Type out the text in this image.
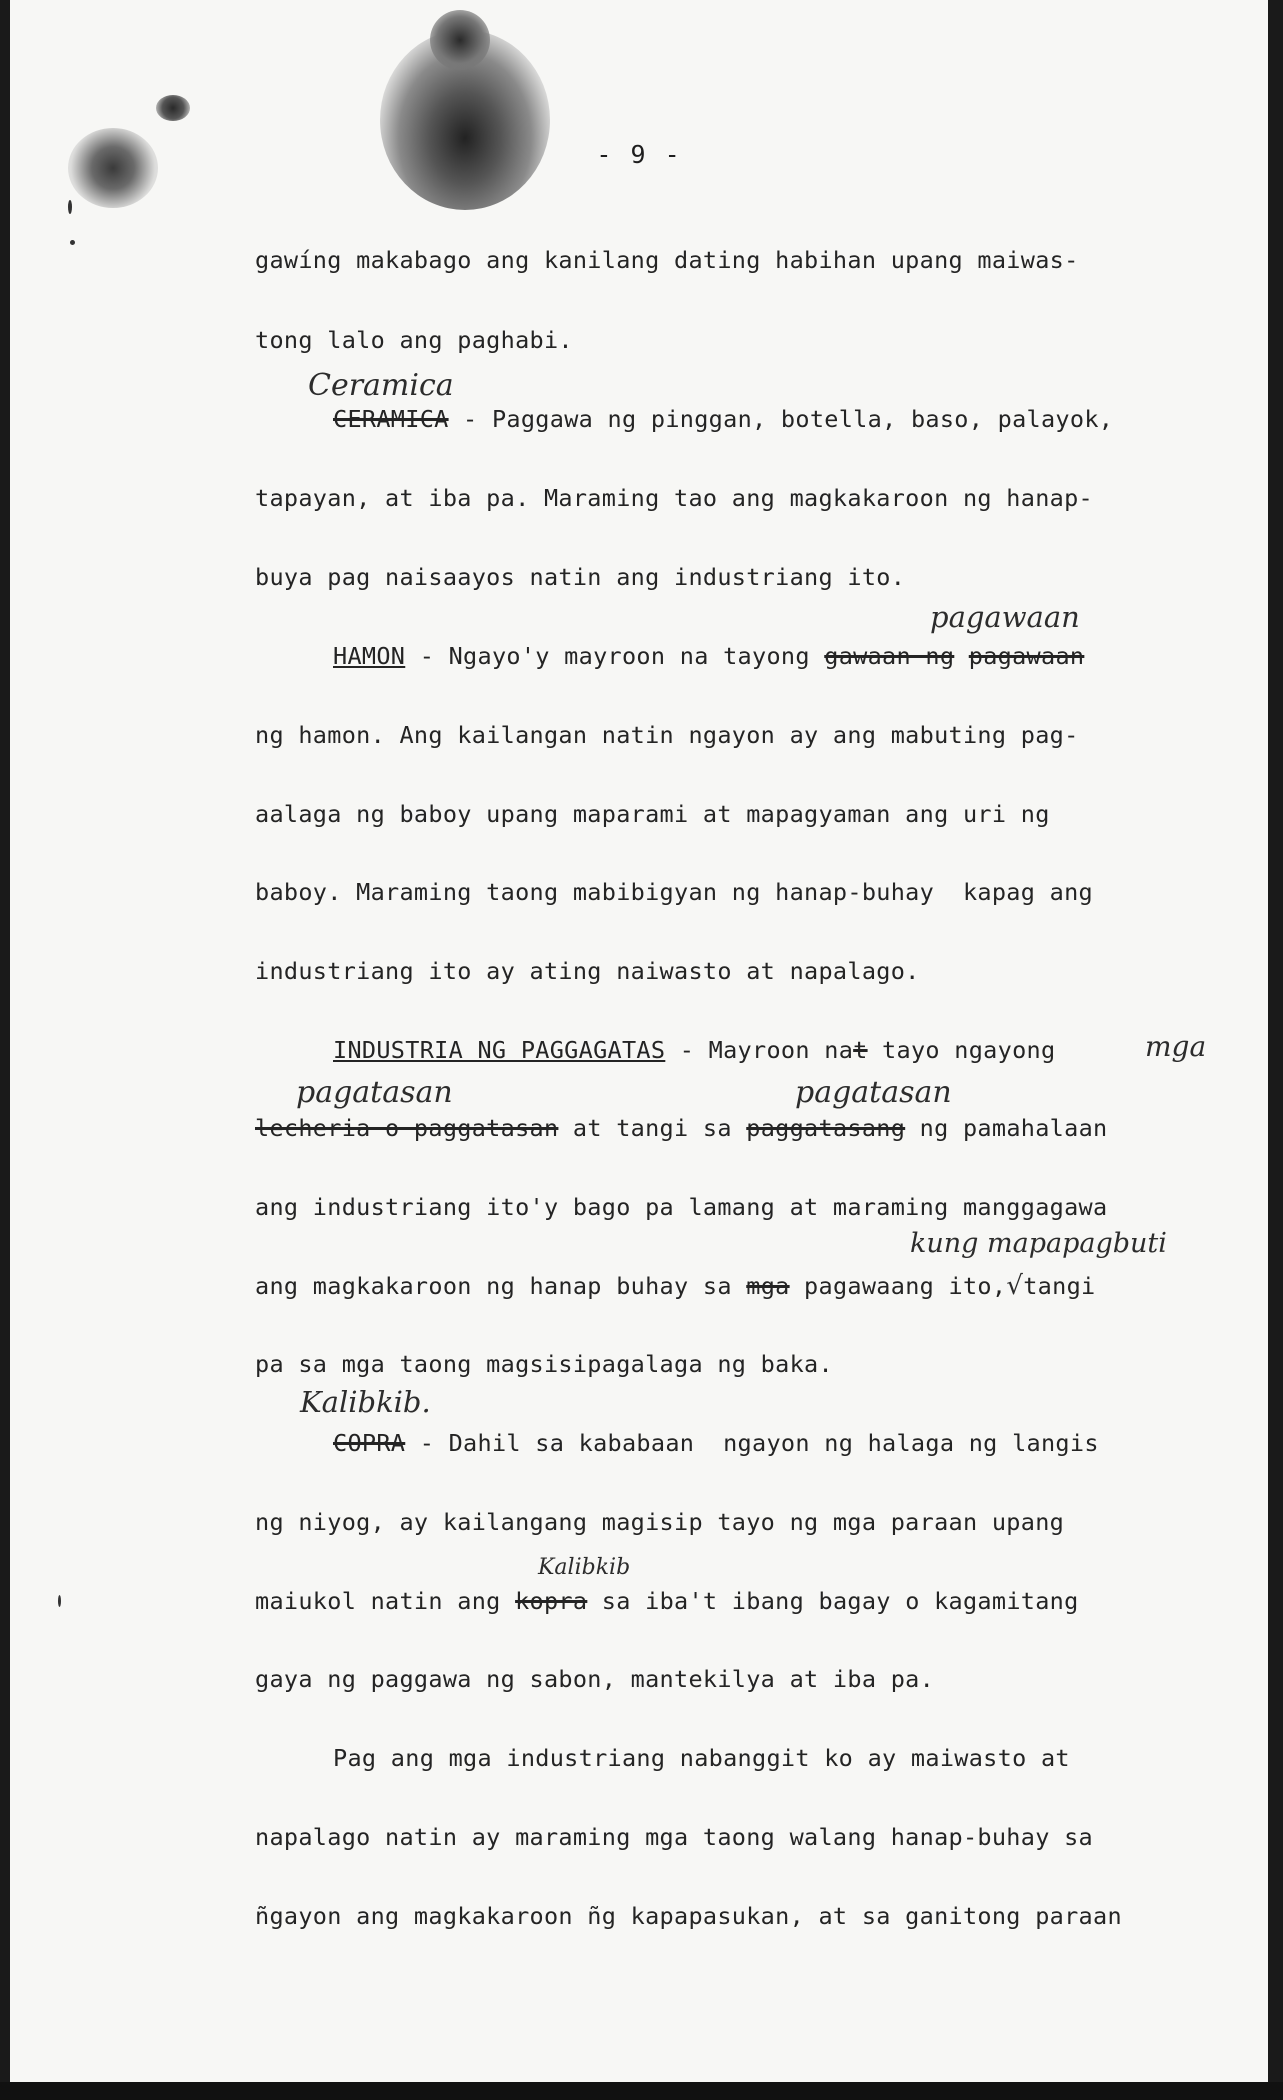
- 9 -
gawíng makabago ang kanilang dating habihan upang maiwas-
tong lalo ang paghabi.
Ceramica
CERAMICA - Paggawa ng pinggan, botella, baso, palayok,
tapayan, at iba pa. Maraming tao ang magkakaroon ng hanap-
buya pag naisaayos natin ang industriang ito.
pagawaan
HAMON - Ngayo'y mayroon na tayong gawaan ng pagawaan
ng hamon. Ang kailangan natin ngayon ay ang mabuting pag-
aalaga ng baboy upang maparami at mapagyaman ang uri ng
baboy. Maraming taong mabibigyan ng hanap-buhay  kapag ang
industriang ito ay ating naiwasto at napalago.
INDUSTRIA NG PAGGAGATAS - Mayroon nat tayo ngayong	mga
pagatasan	pagatasan
lecheria o paggatasan at tangi sa paggatasang ng pamahalaan
ang industriang ito'y bago pa lamang at maraming manggagawa
kung mapapagbuti
ang magkakaroon ng hanap buhay sa mga pagawaang ito,√tangi
pa sa mga taong magsisipagalaga ng baka.
Kalibkib.
COPRA - Dahil sa kababaan  ngayon ng halaga ng langis
ng niyog, ay kailangang magisip tayo ng mga paraan upang
Kalibkib
maiukol natin ang kopra sa iba't ibang bagay o kagamitang
gaya ng paggawa ng sabon, mantekilya at iba pa.
Pag ang mga industriang nabanggit ko ay maiwasto at
napalago natin ay maraming mga taong walang hanap-buhay sa
ñgayon ang magkakaroon ñg kapapasukan, at sa ganitong paraan
